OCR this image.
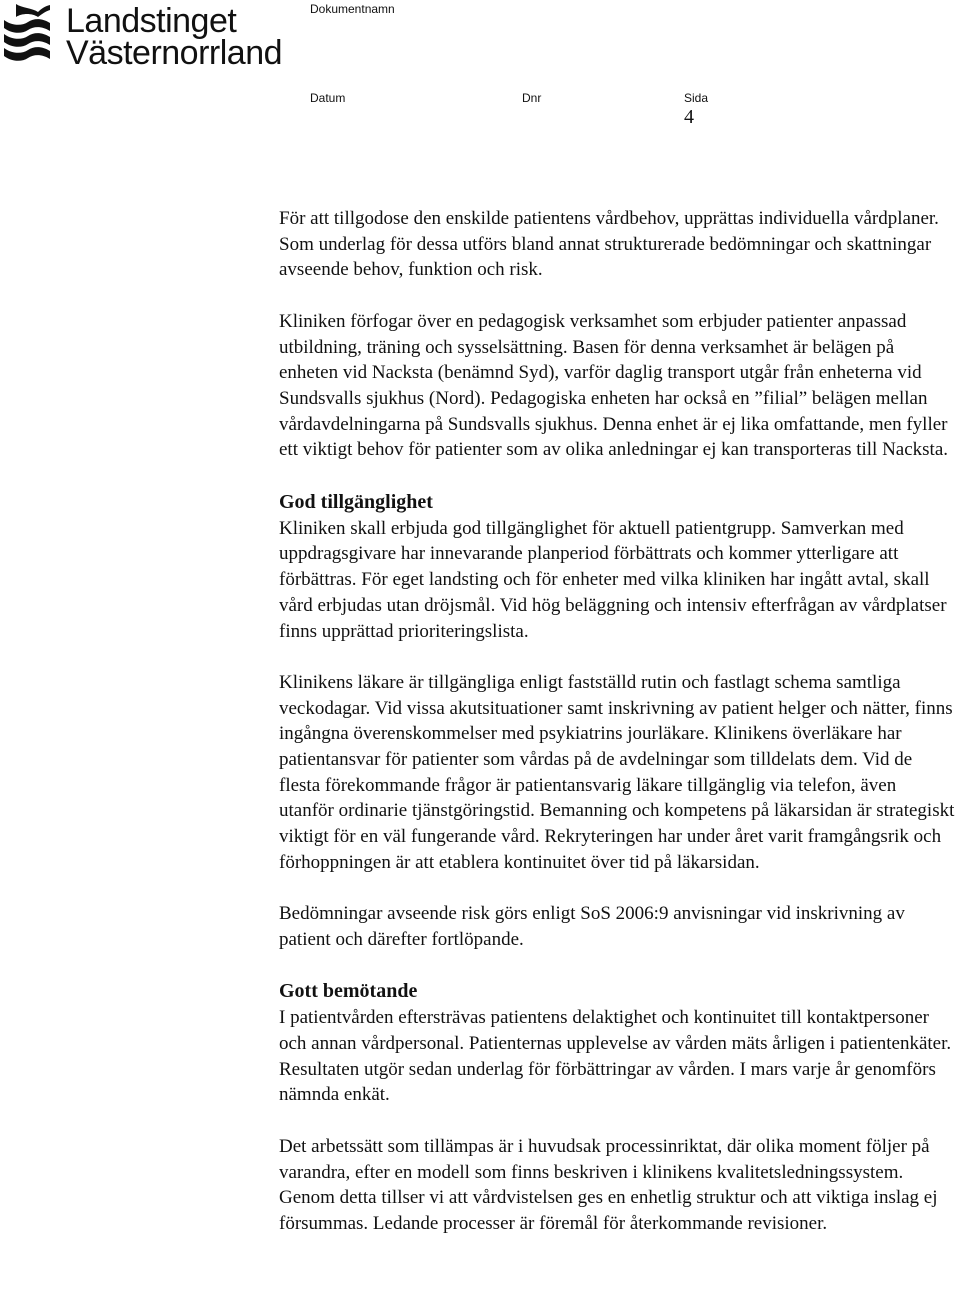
Landstinget
Västernorrland
Dokumentnamn
Datum	Dnr	Sida
4

För att tillgodose den enskilde patientens vårdbehov, upprättas individuella vårdplaner. Som underlag för dessa utförs bland annat strukturerade bedömningar och skattningar avseende behov, funktion och risk.

Kliniken förfogar över en pedagogisk verksamhet som erbjuder patienter anpassad utbildning, träning och sysselsättning. Basen för denna verksamhet är belägen på enheten vid Nacksta (benämnd Syd), varför daglig transport utgår från enheterna vid Sundsvalls sjukhus (Nord). Pedagogiska enheten har också en ”filial” belägen mellan vårdavdelningarna på Sundsvalls sjukhus. Denna enhet är ej lika omfattande, men fyller ett viktigt behov för patienter som av olika anledningar ej kan transporteras till Nacksta.

God tillgänglighet

Kliniken skall erbjuda god tillgänglighet för aktuell patientgrupp. Samverkan med uppdragsgivare har innevarande planperiod förbättrats och kommer ytterligare att förbättras. För eget landsting och för enheter med vilka kliniken har ingått avtal, skall vård erbjudas utan dröjsmål. Vid hög beläggning och intensiv efterfrågan av vårdplatser finns upprättad prioriteringslista.

Klinikens läkare är tillgängliga enligt fastställd rutin och fastlagt schema samtliga veckodagar. Vid vissa akutsituationer samt inskrivning av patient helger och nätter, finns ingångna överenskommelser med psykiatrins jourläkare. Klinikens överläkare har patientansvar för patienter som vårdas på de avdelningar som tilldelats dem. Vid de flesta förekommande frågor är patientansvarig läkare tillgänglig via telefon, även utanför ordinarie tjänstgöringstid. Bemanning och kompetens på läkarsidan är strategiskt viktigt för en väl fungerande vård. Rekryteringen har under året varit framgångsrik och förhoppningen är att etablera kontinuitet över tid på läkarsidan.

Bedömningar avseende risk görs enligt SoS 2006:9 anvisningar vid inskrivning av patient och därefter fortlöpande.

Gott bemötande

I patientvården eftersträvas patientens delaktighet och kontinuitet till kontaktpersoner och annan vårdpersonal. Patienternas upplevelse av vården mäts årligen i patientenkäter. Resultaten utgör sedan underlag för förbättringar av vården. I mars varje år genomförs nämnda enkät.

Det arbetssätt som tillämpas är i huvudsak processinriktat, där olika moment följer på varandra, efter en modell som finns beskriven i klinikens kvalitetsledningssystem. Genom detta tillser vi att vårdvistelsen ges en enhetlig struktur och att viktiga inslag ej försummas. Ledande processer är föremål för återkommande revisioner.
